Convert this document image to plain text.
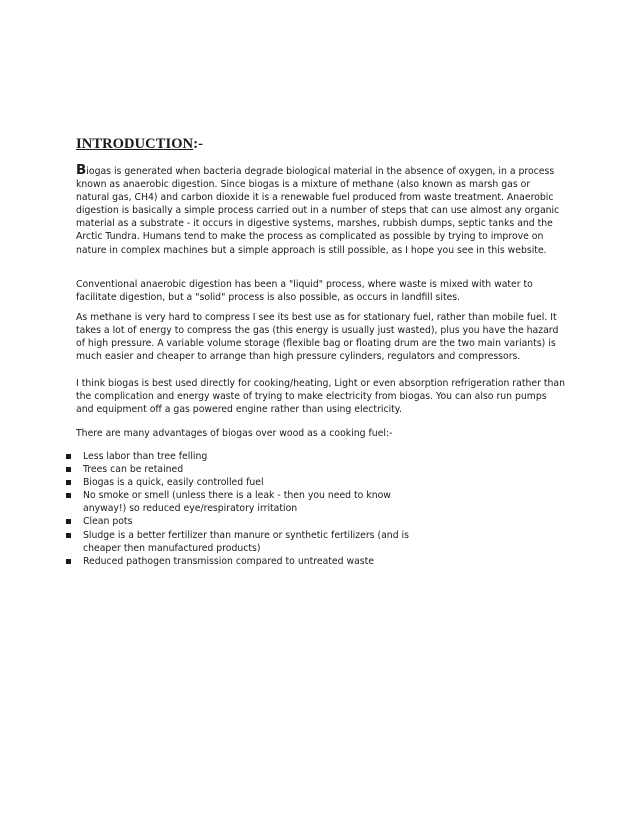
INTRODUCTION:-

Biogas is generated when bacteria degrade biological material in the absence of oxygen, in a process known as anaerobic digestion. Since biogas is a mixture of methane (also known as marsh gas or natural gas, CH4) and carbon dioxide it is a renewable fuel produced from waste treatment. Anaerobic digestion is basically a simple process carried out in a number of steps that can use almost any organic material as a substrate - it occurs in digestive systems, marshes, rubbish dumps, septic tanks and the Arctic Tundra. Humans tend to make the process as complicated as possible by trying to improve on nature in complex machines but a simple approach is still possible, as I hope you see in this website.

Conventional anaerobic digestion has been a "liquid" process, where waste is mixed with water to facilitate digestion, but a "solid" process is also possible, as occurs in landfill sites.

As methane is very hard to compress I see its best use as for stationary fuel, rather than mobile fuel. It takes a lot of energy to compress the gas (this energy is usually just wasted), plus you have the hazard of high pressure. A variable volume storage (flexible bag or floating drum are the two main variants) is much easier and cheaper to arrange than high pressure cylinders, regulators and compressors.

I think biogas is best used directly for cooking/heating, Light or even absorption refrigeration rather than the complication and energy waste of trying to make electricity from biogas. You can also run pumps and equipment off a gas powered engine rather than using electricity.

There are many advantages of biogas over wood as a cooking fuel:-

Less labor than tree felling
Trees can be retained
Biogas is a quick, easily controlled fuel
No smoke or smell (unless there is a leak - then you need to know anyway!) so reduced eye/respiratory irritation
Clean pots
Sludge is a better fertilizer than manure or synthetic fertilizers (and is cheaper then manufactured products)
Reduced pathogen transmission compared to untreated waste
